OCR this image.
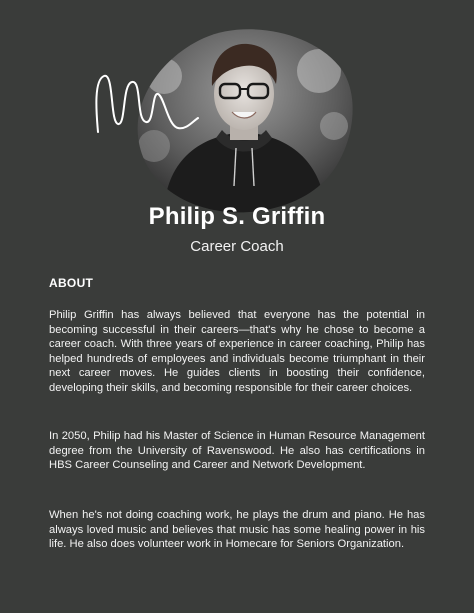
Philip S. Griffin
Career Coach
ABOUT

Philip Griffin has always believed that everyone has the potential in becoming successful in their careers—that's why he chose to become a career coach. With three years of experience in career coaching, Philip has helped hundreds of employees and individuals become triumphant in their next career moves. He guides clients in boosting their confidence, developing their skills, and becoming responsible for their career choices.

In 2050, Philip had his Master of Science in Human Resource Management degree from the University of Ravenswood. He also has certifications in HBS Career Counseling and Career and Network Development.

When he's not doing coaching work, he plays the drum and piano. He has always loved music and believes that music has some healing power in his life. He also does volunteer work in Homecare for Seniors Organization.
